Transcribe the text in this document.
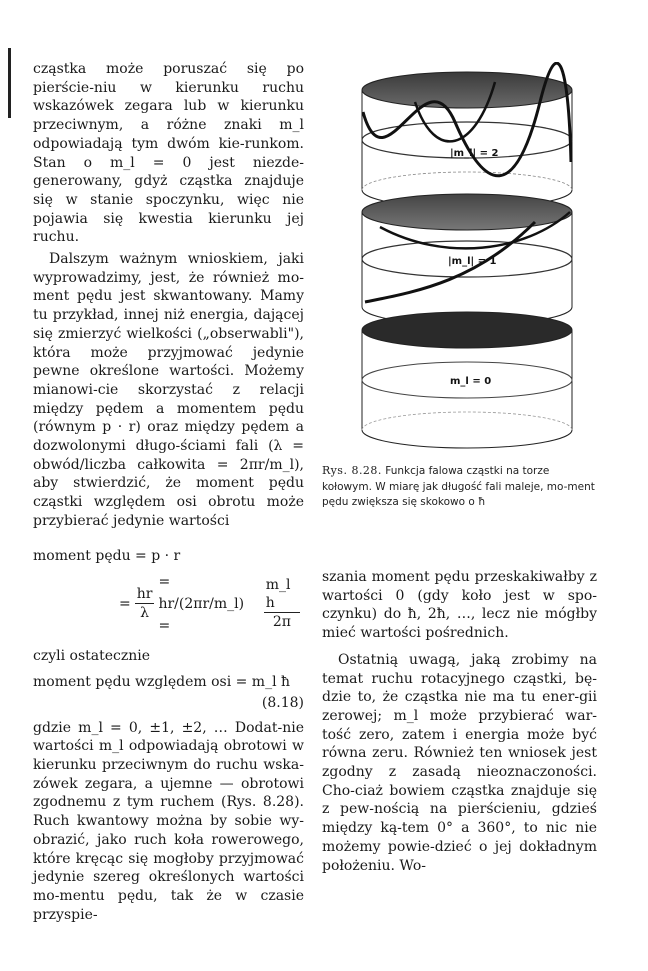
cząstka może poruszać się po pierście-niu w kierunku ruchu wskazówek zegara lub w kierunku przeciwnym, a różne znaki m_l odpowiadają tym dwóm kie-runkom. Stan o m_l = 0 jest niezde-generowany, gdyż cząstka znajduje się w stanie spoczynku, więc nie pojawia się kwestia kierunku jej ruchu.

Dalszym ważnym wnioskiem, jaki wyprowadzimy, jest, że również mo-ment pędu jest skwantowany. Mamy tu przykład, innej niż energia, dającej się zmierzyć wielkości („obserwabli"), która może przyjmować jedynie pewne określone wartości. Możemy mianowi-cie skorzystać z relacji między pędem a momentem pędu (równym p · r) oraz między pędem a dozwolonymi długo-ściami fali (λ = obwód/liczba całkowita = 2πr/m_l), aby stwierdzić, że moment pędu cząstki względem osi obrotu może przybierać jedynie wartości

moment pędu = p · r
= $\frac{hr}{\lambda}$
= hr/(2πr/m_l) =	$\frac{\text{m\_l h}}{2\pi}$
czyli ostatecznie
moment pędu względem osi = m_l ħ
(8.18)

gdzie m_l = 0, ±1, ±2, … Dodat-nie wartości m_l odpowiadają obrotowi w kierunku przeciwnym do ruchu wska-zówek zegara, a ujemne — obrotowi zgodnemu z tym ruchem (Rys. 8.28). Ruch kwantowy można by sobie wy-obrazić, jako ruch koła rowerowego, które kręcąc się mogłoby przyjmować jedynie szereg określonych wartości mo-mentu pędu, tak że w czasie przyspie-

|m_l| = 2
|m_l| = 1
m_l = 0
Rys. 8.28. Funkcja falowa cząstki na torze kołowym. W miarę jak długość fali maleje, mo-ment pędu zwiększa się skokowo o ħ

szania moment pędu przeskakiwałby z wartości 0 (gdy koło jest w spo-czynku) do ħ, 2ħ, …, lecz nie mógłby mieć wartości pośrednich.

Ostatnią uwagą, jaką zrobimy na temat ruchu rotacyjnego cząstki, bę-dzie to, że cząstka nie ma tu ener-gii zerowej; m_l może przybierać war-tość zero, zatem i energia może być równa zeru. Również ten wniosek jest zgodny z zasadą nieoznaczoności. Cho-ciaż bowiem cząstka znajduje się z pew-nością na pierścieniu, gdzieś między ką-tem 0° a 360°, to nic nie możemy powie-dzieć o jej dokładnym położeniu. Wo-
